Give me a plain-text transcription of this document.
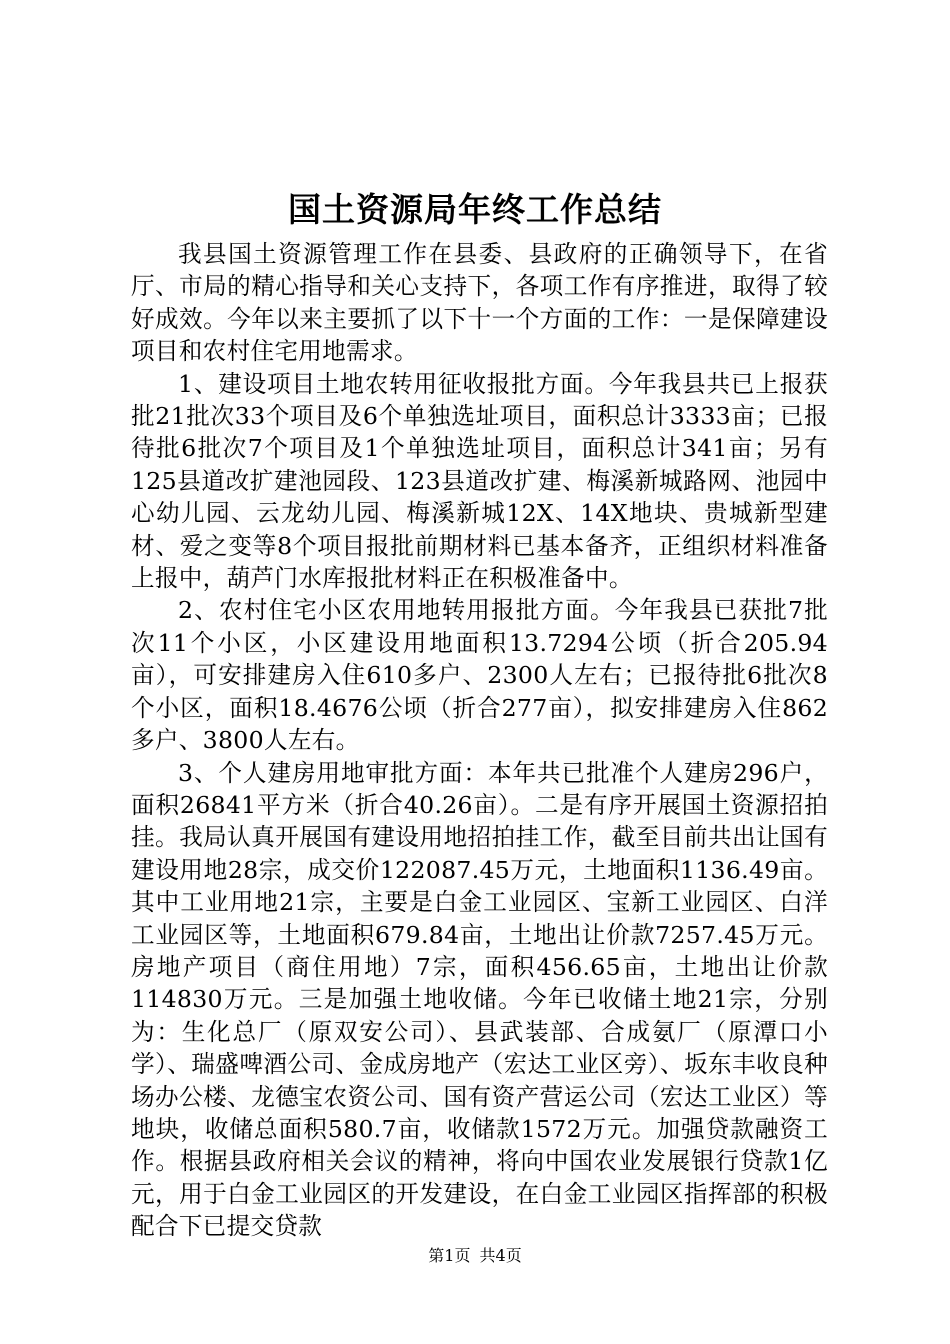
国土资源局年终工作总结

我县国土资源管理工作在县委、县政府的正确领导下，在省厅、市局的精心指导和关心支持下，各项工作有序推进，取得了较好成效。今年以来主要抓了以下十一个方面的工作：一是保障建设项目和农村住宅用地需求。

1、建设项目土地农转用征收报批方面。今年我县共已上报获批21批次33个项目及6个单独选址项目，面积总计3333亩；已报待批6批次7个项目及1个单独选址项目，面积总计341亩；另有125县道改扩建池园段、123县道改扩建、梅溪新城路网、池园中心幼儿园、云龙幼儿园、梅溪新城12X、14X地块、贵城新型建材、爱之变等8个项目报批前期材料已基本备齐，正组织材料准备上报中，葫芦门水库报批材料正在积极准备中。

2、农村住宅小区农用地转用报批方面。今年我县已获批7批次11个小区，小区建设用地面积13.7294公顷（折合205.94亩），可安排建房入住610多户、2300人左右；已报待批6批次8个小区，面积18.4676公顷（折合277亩），拟安排建房入住862多户、3800人左右。

3、个人建房用地审批方面：本年共已批准个人建房296户，面积26841平方米（折合40.26亩）。二是有序开展国土资源招拍挂。我局认真开展国有建设用地招拍挂工作，截至目前共出让国有建设用地28宗，成交价122087.45万元，土地面积1136.49亩。其中工业用地21宗，主要是白金工业园区、宝新工业园区、白洋工业园区等，土地面积679.84亩，土地出让价款7257.45万元。房地产项目（商住用地）7宗，面积456.65亩，土地出让价款114830万元。三是加强土地收储。今年已收储土地21宗，分别为：生化总厂（原双安公司）、县武装部、合成氨厂（原潭口小学）、瑞盛啤酒公司、金成房地产（宏达工业区旁）、坂东丰收良种场办公楼、龙德宝农资公司、国有资产营运公司（宏达工业区）等地块，收储总面积580.7亩，收储款1572万元。加强贷款融资工作。根据县政府相关会议的精神，将向中国农业发展银行贷款1亿元，用于白金工业园区的开发建设，在白金工业园区指挥部的积极配合下已提交贷款

第1页 共4页
